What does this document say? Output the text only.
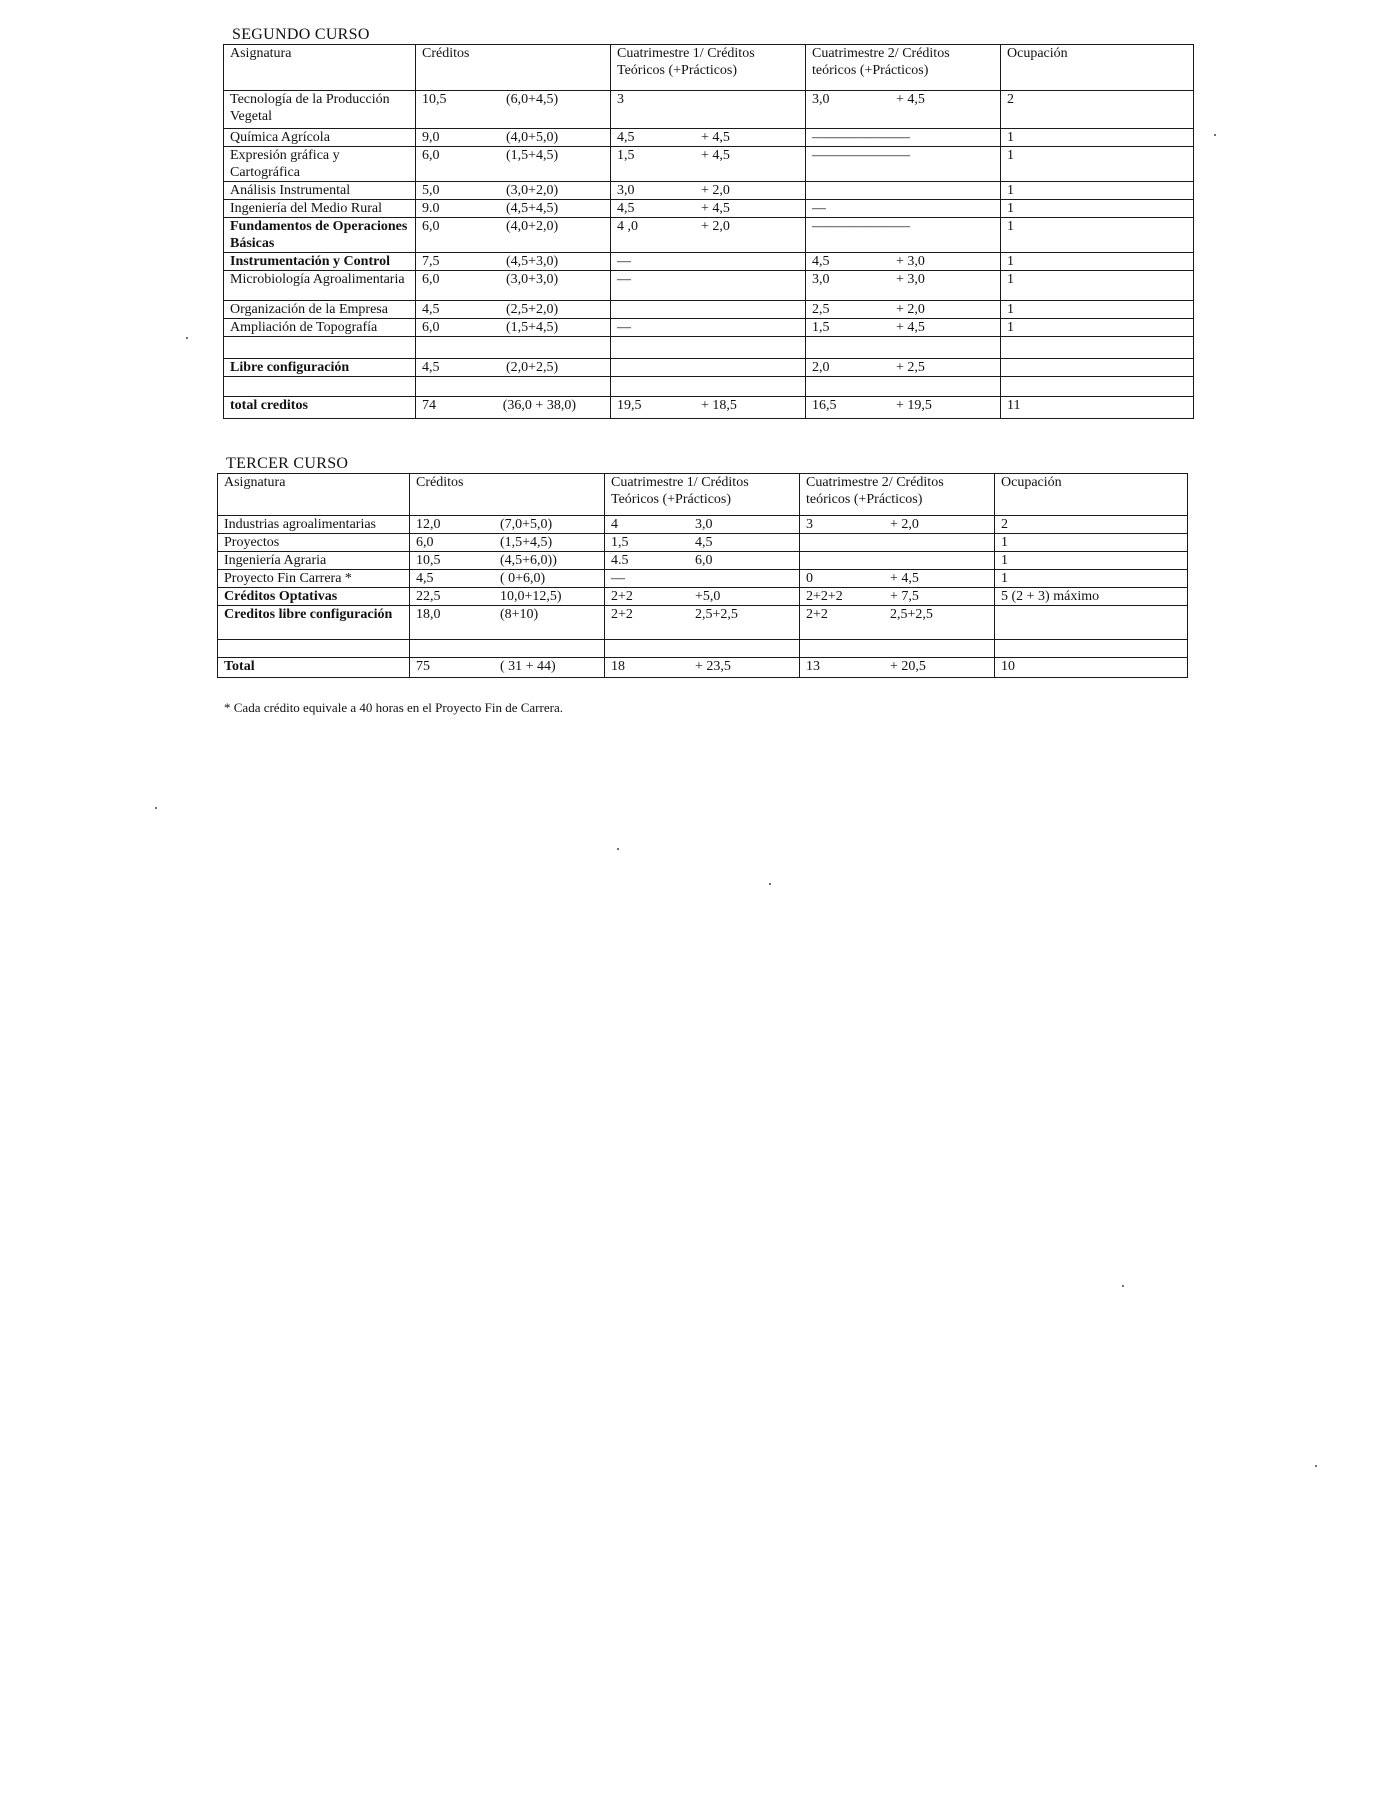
SEGUNDO CURSO
Asignatura	Créditos	Cuatrimestre 1/ Créditos Teóricos (+Prácticos)	Cuatrimestre 2/ Créditos teóricos (+Prácticos)	Ocupación
Tecnología de la Producción Vegetal	10,5 (6,0+4,5)	3	3,0 + 4,5	2
Química Agrícola	9,0 (4,0+5,0)	4,5 + 4,5	———————	1
Expresión gráfica y Cartográfica	6,0 (1,5+4,5)	1,5 + 4,5	———————	1
Análisis Instrumental	5,0 (3,0+2,0)	3,0 + 2,0		1
Ingeniería del Medio Rural	9.0 (4,5+4,5)	4,5 + 4,5	—	1
Fundamentos de Operaciones Básicas	6,0 (4,0+2,0)	4 ,0 + 2,0	———————	1
Instrumentación y Control	7,5 (4,5+3,0)	—	4,5 + 3,0	1
Microbiología Agroalimentaria	6,0 (3,0+3,0)	—	3,0 + 3,0	1
Organización de la Empresa	4,5 (2,5+2,0)		2,5 + 2,0	1
Ampliación de Topografía	6,0 (1,5+4,5)	—	1,5 + 4,5	1

Libre configuración	4,5 (2,0+2,5)		2,0 + 2,5	

total creditos	74 (36,0 + 38,0)	19,5 + 18,5	16,5 + 19,5	11
TERCER CURSO
Asignatura	Créditos	Cuatrimestre 1/ Créditos Teóricos (+Prácticos)	Cuatrimestre 2/ Créditos teóricos (+Prácticos)	Ocupación
Industrias agroalimentarias	12,0 (7,0+5,0)	4 3,0	3 + 2,0	2
Proyectos	6,0 (1,5+4,5)	1,5 4,5		1
Ingeniería Agraria	10,5 (4,5+6,0))	4.5 6,0		1
Proyecto Fin Carrera *	4,5 ( 0+6,0)	—	0 + 4,5	1
Créditos Optativas	22,5 10,0+12,5)	2+2 +5,0	2+2+2 + 7,5	5 (2 + 3) máximo
Creditos libre configuración	18,0 (8+10)	2+2 2,5+2,5	2+2 2,5+2,5	

Total	75 ( 31 + 44)	18 + 23,5	13 + 20,5	10
* Cada crédito equivale a 40 horas en el Proyecto Fin de Carrera.
